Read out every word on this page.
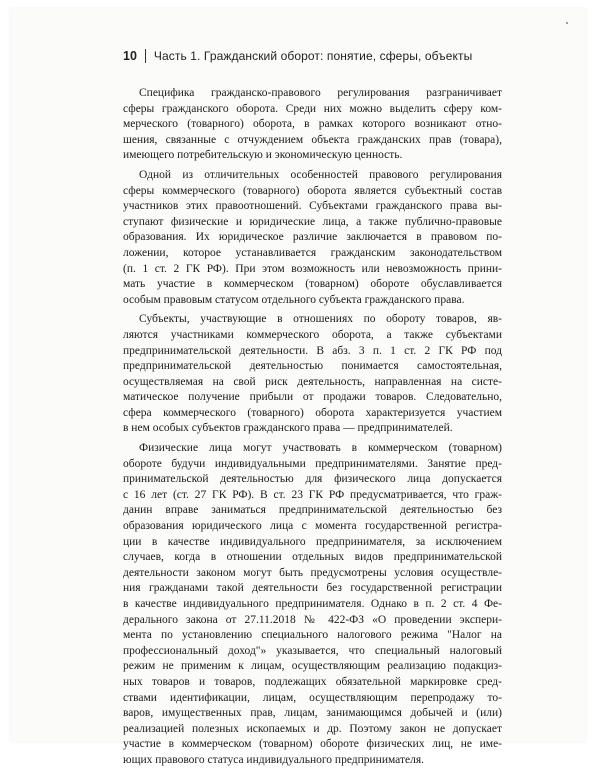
10 Часть 1. Гражданский оборот: понятие, сферы, объекты
Специфика гражданско-правового регулирования разграничивает
сферы гражданского оборота. Среди них можно выделить сферу ком-
мерческого (товарного) оборота, в рамках которого возникают отно-
шения, связанные с отчуждением объекта гражданских прав (товара),
имеющего потребительскую и экономическую ценность.
Одной из отличительных особенностей правового регулирования
сферы коммерческого (товарного) оборота является субъектный состав
участников этих правоотношений. Субъектами гражданского права вы-
ступают физические и юридические лица, а также публично-правовые
образования. Их юридическое различие заключается в правовом по-
ложении, которое устанавливается гражданским законодательством
(п. 1 ст. 2 ГК РФ). При этом возможность или невозможность прини-
мать участие в коммерческом (товарном) обороте обуславливается
особым правовым статусом отдельного субъекта гражданского права.
Субъекты, участвующие в отношениях по обороту товаров, яв-
ляются участниками коммерческого оборота, а также субъектами
предпринимательской деятельности. В абз. 3 п. 1 ст. 2 ГК РФ под
предпринимательской деятельностью понимается самостоятельная,
осуществляемая на свой риск деятельность, направленная на систе-
матическое получение прибыли от продажи товаров. Следовательно,
сфера коммерческого (товарного) оборота характеризуется участием
в нем особых субъектов гражданского права — предпринимателей.
Физические лица могут участвовать в коммерческом (товарном)
обороте будучи индивидуальными предпринимателями. Занятие пред-
принимательской деятельностью для физического лица допускается
с 16 лет (ст. 27 ГК РФ). В ст. 23 ГК РФ предусматривается, что граж-
данин вправе заниматься предпринимательской деятельностью без
образования юридического лица с момента государственной регистра-
ции в качестве индивидуального предпринимателя, за исключением
случаев, когда в отношении отдельных видов предпринимательской
деятельности законом могут быть предусмотрены условия осуществле-
ния гражданами такой деятельности без государственной регистрации
в качестве индивидуального предпринимателя. Однако в п. 2 ст. 4 Фе-
дерального закона от 27.11.2018 № 422-ФЗ «О проведении экспери-
мента по установлению специального налогового режима "Налог на
профессиональный доход"» указывается, что специальный налоговый
режим не применим к лицам, осуществляющим реализацию подакциз-
ных товаров и товаров, подлежащих обязательной маркировке сред-
ствами идентификации, лицам, осуществляющим перепродажу то-
варов, имущественных прав, лицам, занимающимся добычей и (или)
реализацией полезных ископаемых и др. Поэтому закон не допускает
участие в коммерческом (товарном) обороте физических лиц, не име-
ющих правового статуса индивидуального предпринимателя.
